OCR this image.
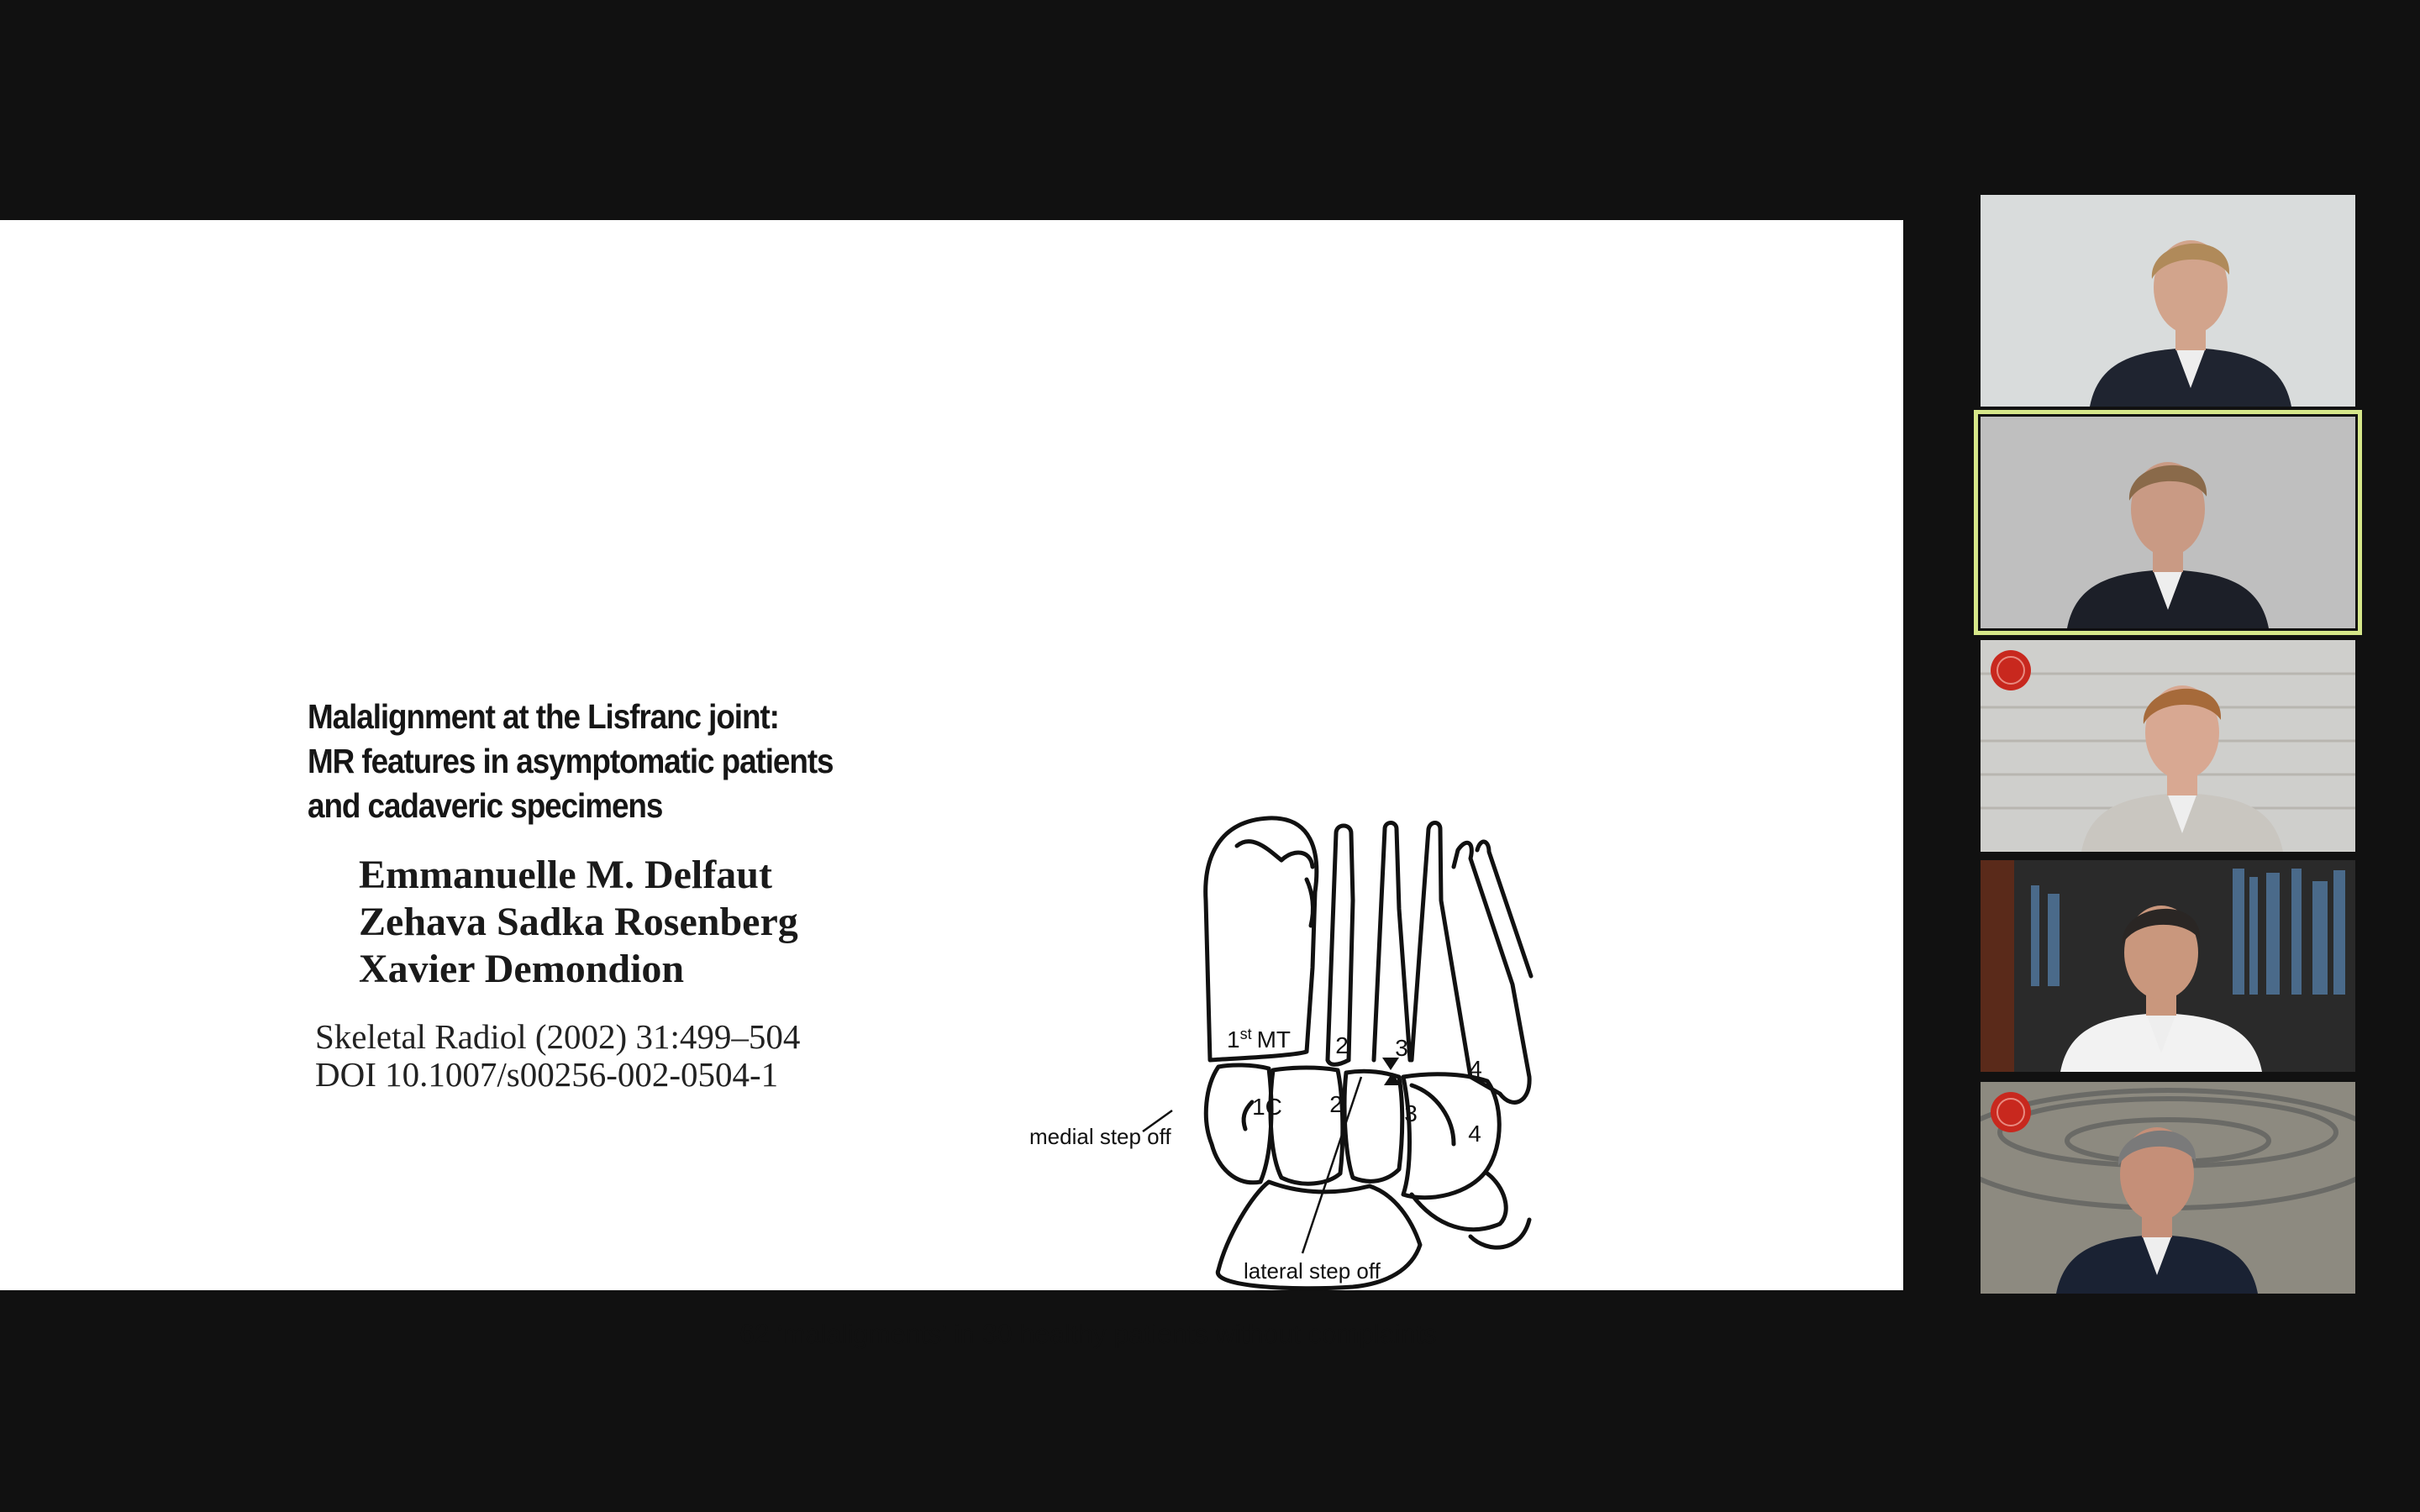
Malalignment at the Lisfranc joint:
MR features in asymptomatic patients
and cadaveric specimens
Emmanuelle M. Delfaut
Zehava Sadka Rosenberg
Xavier Demondion
Skeletal Radiol (2002) 31:499–504
DOI 10.1007/s00256-002-0504-1
1st MT 2 3
4
1C 2	3
4
medial step off
lateral step off
62 ‘malaligments’ in 30 healthy patients without complaints
